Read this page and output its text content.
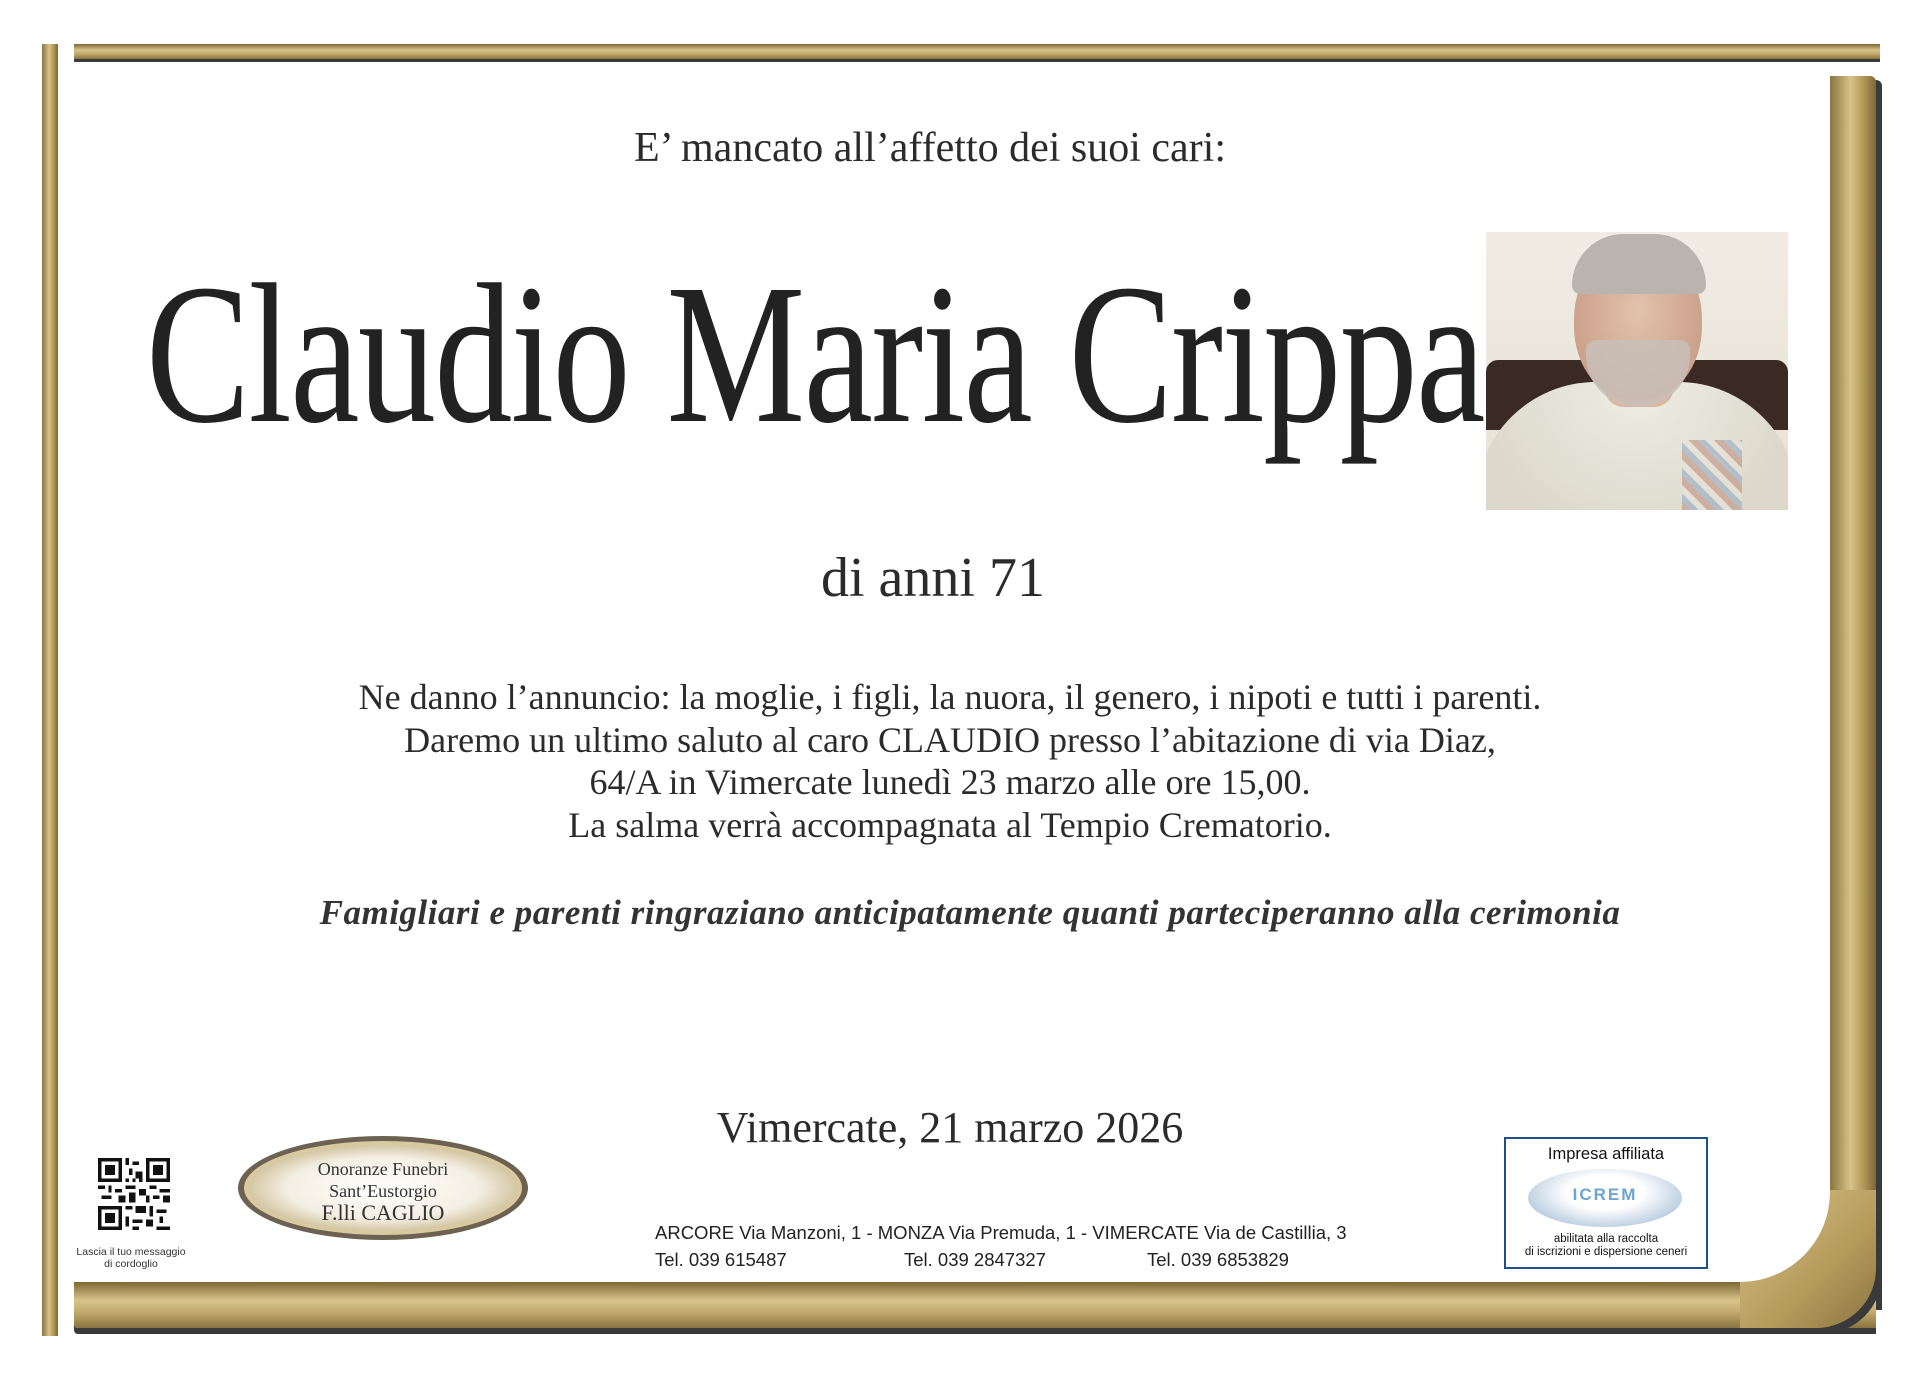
E’ mancato all’affetto dei suoi cari:
Claudio Maria Crippa
di anni 71
Ne danno l’annuncio: la moglie, i figli, la nuora, il genero, i nipoti e tutti i parenti.
Daremo un ultimo saluto al caro CLAUDIO presso l’abitazione di via Diaz,
64/A in Vimercate lunedì 23 marzo alle ore 15,00.
La salma verrà accompagnata al Tempio Crematorio.
Famigliari e parenti ringraziano anticipatamente quanti parteciperanno alla cerimonia
Vimercate, 21 marzo 2026
Lascia il tuo messaggio
di cordoglio
Onoranze Funebri
Sant’Eustorgio
F.lli CAGLIO
ARCORE Via Manzoni, 1 - MONZA Via Premuda, 1 - VIMERCATE Via de Castillia, 3
Tel. 039 615487	Tel. 039 2847327	Tel. 039 6853829
Impresa affiliata
ICREM
abilitata alla raccolta
di iscrizioni e dispersione ceneri
